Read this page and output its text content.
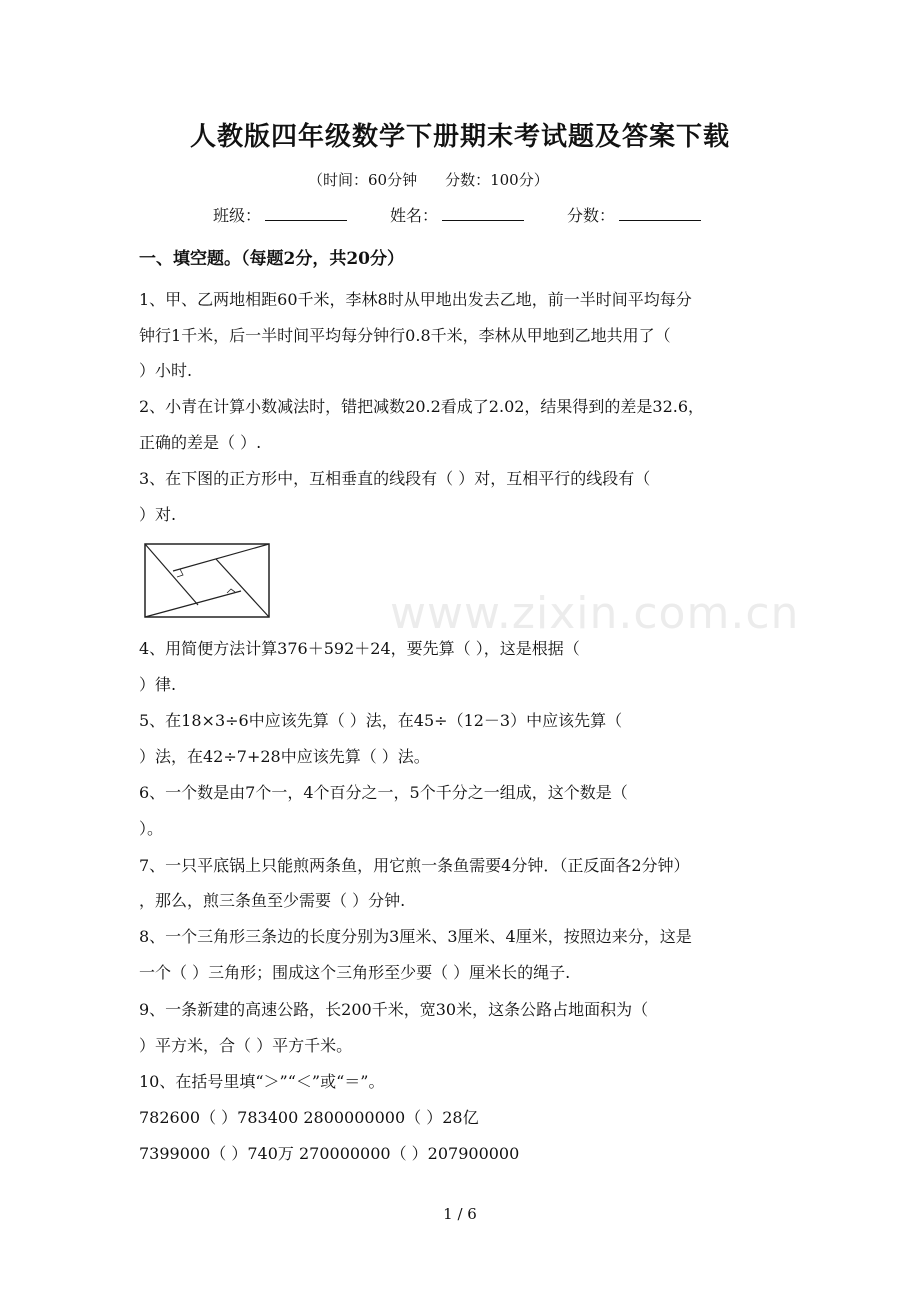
人教版四年级数学下册期末考试题及答案下载
（时间：60分钟 分数：100分）
班级：	姓名：	分数：
一、填空题。（每题2分，共20分）
1、甲、乙两地相距60千米，李林8时从甲地出发去乙地，前一半时间平均每分
钟行1千米，后一半时间平均每分钟行0.8千米，李林从甲地到乙地共用了（
）小时.
2、小青在计算小数减法时，错把减数20.2看成了2.02，结果得到的差是32.6，
正确的差是（ ）.
3、在下图的正方形中，互相垂直的线段有（ ）对，互相平行的线段有（
）对.
www.zixin.com.cn
4、用简便方法计算376＋592＋24，要先算（ ），这是根据（
）律.
5、在18×3÷6中应该先算（ ）法，在45÷（12－3）中应该先算（
）法，在42÷7+28中应该先算（ ）法。
6、一个数是由7个一，4个百分之一，5个千分之一组成，这个数是（
）。
7、一只平底锅上只能煎两条鱼，用它煎一条鱼需要4分钟．（正反面各2分钟）
，那么，煎三条鱼至少需要（ ）分钟.
8、一个三角形三条边的长度分别为3厘米、3厘米、4厘米，按照边来分，这是
一个（ ）三角形；围成这个三角形至少要（ ）厘米长的绳子.
9、一条新建的高速公路，长200千米，宽30米，这条公路占地面积为（
）平方米，合（ ）平方千米。
10、在括号里填“＞”“＜”或“＝”。
782600（ ）783400 2800000000（ ）28亿
7399000（ ）740万 270000000（ ）207900000
1 / 6
